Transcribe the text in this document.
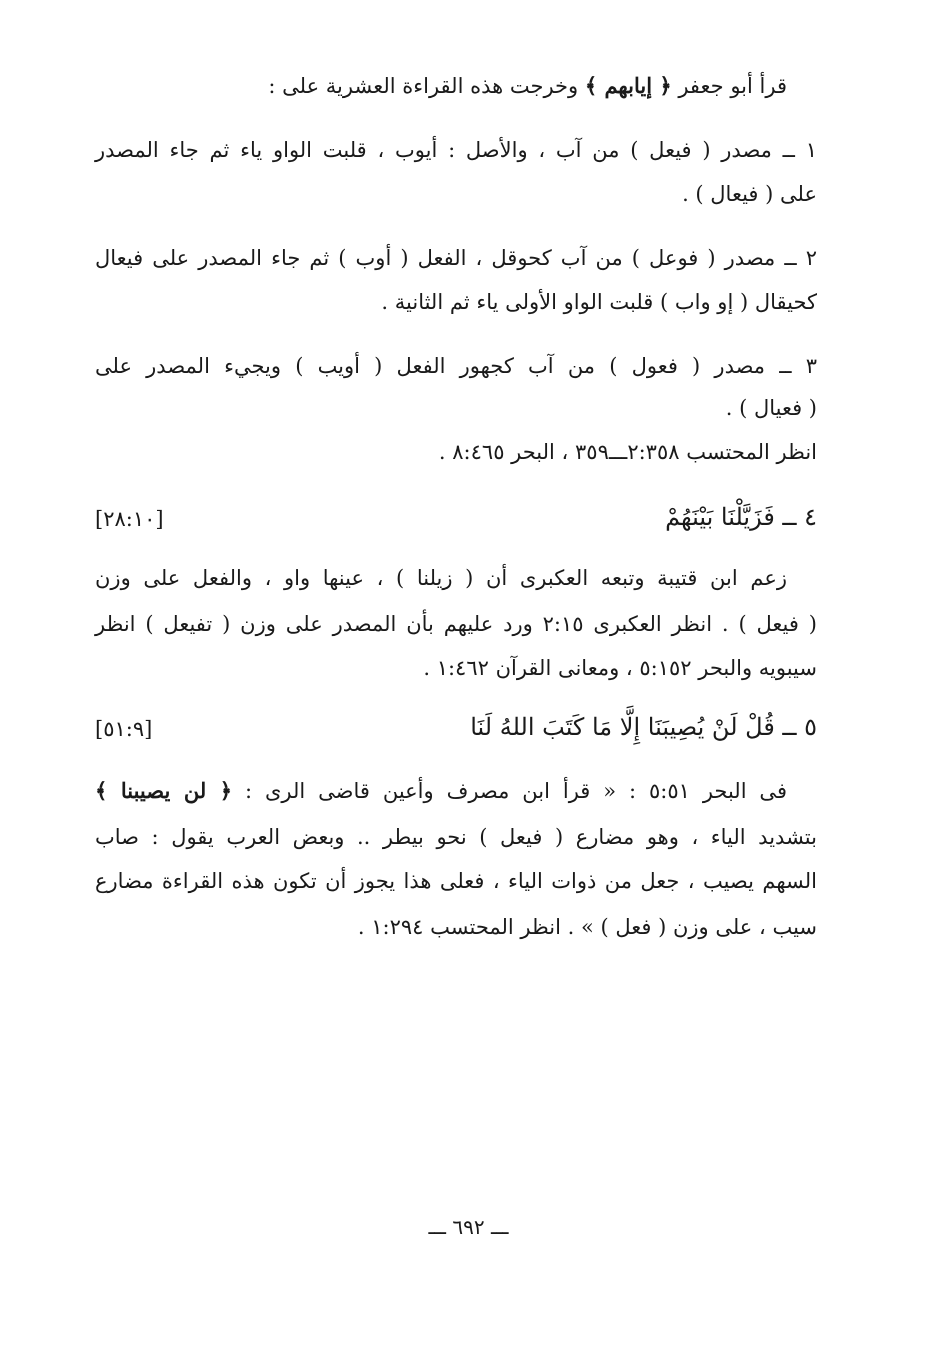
قرأ أبو جعفر ﴿ إيابهم ﴾ وخرجت هذه القراءة العشرية على :
١ ــ مصدر ( فيعل ) من آب ، والأصل : أيوب ، قلبت الواو ياء ثم جاء المصدر
على ( فيعال ) .
٢ ــ مصدر ( فوعل ) من آب كحوقل ، الفعل ( أوب ) ثم جاء المصدر على فيعال
كحيقال ( إو واب ) قلبت الواو الأولى ياء ثم الثانية .
٣ ــ مصدر ( فعول ) من آب كجهور الفعل ( أويب ) ويجيء المصدر على
( فعيال ) .
انظر المحتسب ٢:٣٥٨ـــ٣٥٩ ، البحر ٨:٤٦٥ .
٤ ــ فَزَيَّلْنَا بَيْنَهُمْ
[٢٨:١٠]
زعم ابن قتيبة وتبعه العكبرى أن ( زيلنا ) ، عينها واو ، والفعل على وزن
( فيعل ) . انظر العكبرى ٢:١٥ ورد عليهم بأن المصدر على وزن ( تفيعل ) انظر
سيبويه والبحر ٥:١٥٢ ، ومعانى القرآن ١:٤٦٢ .
٥ ــ قُلْ لَنْ يُصِيبَنَا إِلَّا مَا كَتَبَ اللهُ لَنَا
[٥١:٩]
فى البحر ٥:٥١ : « قرأ ابن مصرف وأعين قاضى الرى : ﴿ لن يصيبنا ﴾
بتشديد الياء ، وهو مضارع ( فيعل ) نحو بيطر .. وبعض العرب يقول : صاب
السهم يصيب ، جعل من ذوات الياء ، فعلى هذا يجوز أن تكون هذه القراءة مضارع
سيب ، على وزن ( فعل ) » . انظر المحتسب ١:٢٩٤ .
ـــ ٦٩٢ ـــ
